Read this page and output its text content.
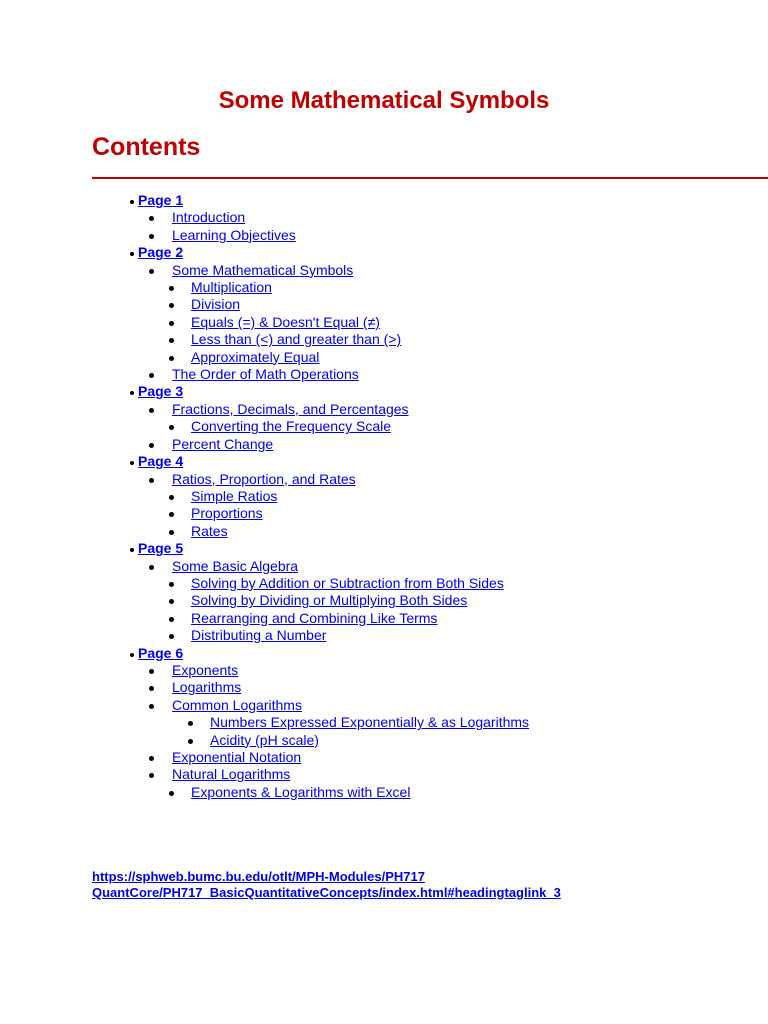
Some Mathematical Symbols
Contents
Page 1
Introduction
Learning Objectives
Page 2
Some Mathematical Symbols
Multiplication
Division
Equals (=) & Doesn't Equal (≠)
Less than (<) and greater than (>)
Approximately Equal
The Order of Math Operations
Page 3
Fractions, Decimals, and Percentages
Converting the Frequency Scale
Percent Change
Page 4
Ratios, Proportion, and Rates
Simple Ratios
Proportions
Rates
Page 5
Some Basic Algebra
Solving by Addition or Subtraction from Both Sides
Solving by Dividing or Multiplying Both Sides
Rearranging and Combining Like Terms
Distributing a Number
Page 6
Exponents
Logarithms
Common Logarithms
Numbers Expressed Exponentially & as Logarithms
Acidity (pH scale)
Exponential Notation
Natural Logarithms
Exponents & Logarithms with Excel
https://sphweb.bumc.bu.edu/otlt/MPH-Modules/PH717
QuantCore/PH717_BasicQuantitativeConcepts/index.html#headingtaglink_3
